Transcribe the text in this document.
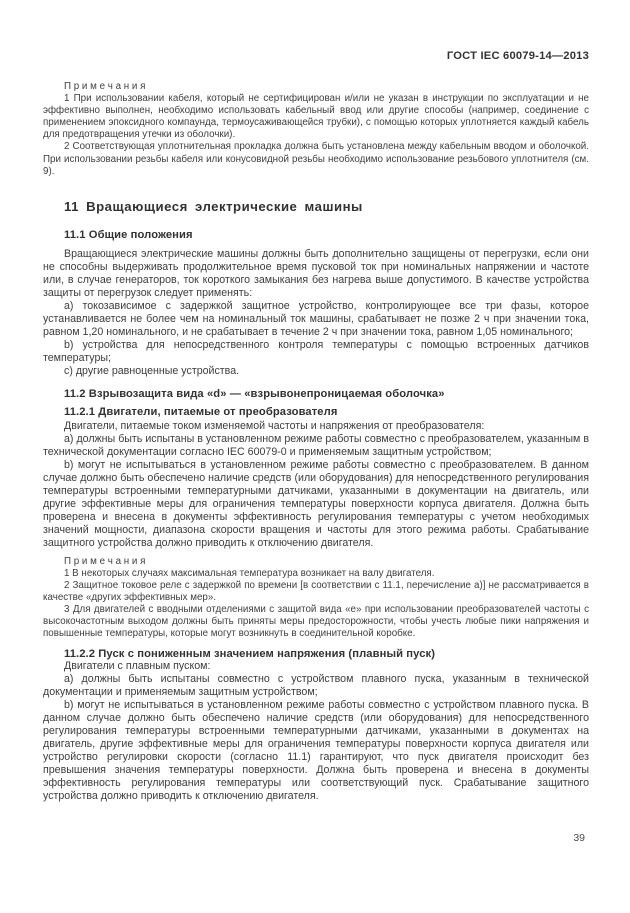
ГОСТ IEC 60079-14—2013

П р и м е ч а н и я

1 При использовании кабеля, который не сертифицирован и/или не указан в инструкции по эксплуатации и не эффективно выполнен, необходимо использовать кабельный ввод или другие способы (например, соединение с применением эпоксидного компаунда, термоусаживающейся трубки), с помощью которых уплотняется каждый кабель для предотвращения утечки из оболочки).

2 Соответствующая уплотнительная прокладка должна быть установлена между кабельным вводом и оболочкой. При использовании резьбы кабеля или конусовидной резьбы необходимо использование резьбового уплотнителя (см. 9).

11 Вращающиеся электрические машины
11.1 Общие положения

Вращающиеся электрические машины должны быть дополнительно защищены от перегрузки, если они не способны выдерживать продолжительное время пусковой ток при номинальных напряжении и частоте или, в случае генераторов, ток короткого замыкания без нагрева выше допустимого. В качестве устройства защиты от перегрузок следует применять:

а) токозависимое с задержкой защитное устройство, контролирующее все три фазы, которое устанавливается не более чем на номинальный ток машины, срабатывает не позже 2 ч при значении тока, равном 1,20 номинального, и не срабатывает в течение 2 ч при значении тока, равном 1,05 номинального;

b) устройства для непосредственного контроля температуры с помощью встроенных датчиков температуры;

с) другие равноценные устройства.

11.2 Взрывозащита вида «d» — «взрывонепроницаемая оболочка»
11.2.1 Двигатели, питаемые от преобразователя

Двигатели, питаемые током изменяемой частоты и напряжения от преобразователя:

а) должны быть испытаны в установленном режиме работы совместно с преобразователем, указанным в технической документации согласно IEC 60079-0 и применяемым защитным устройством;

b) могут не испытываться в установленном режиме работы совместно с преобразователем. В данном случае должно быть обеспечено наличие средств (или оборудования) для непосредственного регулирования температуры встроенными температурными датчиками, указанными в документации на двигатель, или другие эффективные меры для ограничения температуры поверхности корпуса двигателя. Должна быть проверена и внесена в документы эффективность регулирования температуры с учетом необходимых значений мощности, диапазона скорости вращения и частоты для этого режима работы. Срабатывание защитного устройства должно приводить к отключению двигателя.

П р и м е ч а н и я

1 В некоторых случаях максимальная температура возникает на валу двигателя.

2 Защитное токовое реле с задержкой по времени [в соответствии с 11.1, перечисление а)] не рассматривается в качестве «других эффективных мер».

3 Для двигателей с вводными отделениями с защитой вида «е» при использовании преобразователей частоты с высокочастотным выходом должны быть приняты меры предосторожности, чтобы учесть любые пики напряжения и повышенные температуры, которые могут возникнуть в соединительной коробке.

11.2.2 Пуск с пониженным значением напряжения (плавный пуск)

Двигатели с плавным пуском:

а) должны быть испытаны совместно с устройством плавного пуска, указанным в технической документации и применяемым защитным устройством;

b) могут не испытываться в установленном режиме работы совместно с устройством плавного пуска. В данном случае должно быть обеспечено наличие средств (или оборудования) для непосредственного регулирования температуры встроенными температурными датчиками, указанными в документах на двигатель, другие эффективные меры для ограничения температуры поверхности корпуса двигателя или устройство регулировки скорости (согласно 11.1) гарантируют, что пуск двигателя происходит без превышения значения температуры поверхности. Должна быть проверена и внесена в документы эффективность регулирования температуры или соответствующий пуск. Срабатывание защитного устройства должно приводить к отключению двигателя.

39
